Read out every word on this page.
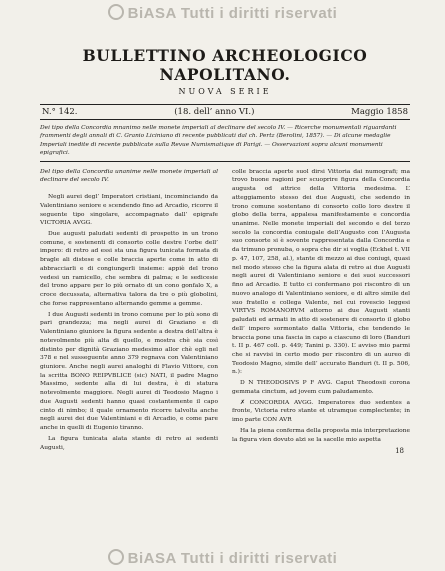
BiASA Tutti i diritti riservati
BULLETTINO ARCHEOLOGICO NAPOLITANO.
NUOVA SERIE
N.° 142.	(18. dell’ anno VI.)	Maggio 1858
Dei tipo della Concordia mnanimo nelle monete imperiali al declinare del secolo IV. — Ricerche monumentali riguardanti frammenti degli annali di C. Granio Liciniano di recente pubblicati dal ch. Pertz (Berolini, 1857). — Di alcune medaglie Imperiali inedite di recente pubblicate sulla Revue Numismatique di Parigi. — Osservazioni sopra alcuni monumenti epigrafici.

Del tipo della Concordia unanime nelle monete imperiali al declinare del secolo IV.

Negli aurei degl’ Imperatori cristiani, incominciando da Valentiniano seniore e scendendo fino ad Arcadio, ricorre il seguente tipo singolare, accompagnato dall’ epigrafe VICTORIA AVGG.

Due augusti paludati sedenti di prospetto in un trono comune, e sostenenti di consorto colle destre l’orbe dell’ impero: di retro ad essi sta una figura tunicata formata di bragle ali distese e colle braccia aperte come in atto di abbracciarli e di congiungerli insieme: appiè del trono vedesi un ramicello, che sembra di palma; e le sedicesie del trono appare per lo più ornato di un cono gonfalo X, a croce decussata, alternativa talora da tre o più globolini, che forse rappresentano alternando gemme a gemme.

I due Augusti sedenti in trono comune per lo più sono di pari grandezza; ma negli aurei di Graziano e di Valentiniano giuniore la figura sedente a destra dell’altra è notevolmente più alta di quello, e mostra chè sia così distinto per dignità Graziano medesimo allor chè egli nel 378 e nel susseguente anno 379 regnava con Valentiniano giuniore. Anche negli aurei analoghi di Flavio Vittore, con la scritta BONO REIPVBLICE (sic) NATI, il padre Magno Massimo, sedente alla di lui destra, è di statura notevolmente maggiore. Negli aurei di Teodosio Magno i due Augusti sedenti hanno quasi costantemente il capo cinto di nimbo; il quale ornamento ricorre talvolta anche negli aurei dei due Valentiniani e di Arcadio, e come pare anche in quelli di Eugenio tiranno.

La figura tunicata alata stante di retro ai sedenti Augusti,

colle braccia aperte suol dirsi Vittoria dai numografi; ma trovo buone ragioni per scuoprire figura della Concordia augusta od attrice della Vittoria medesima. L’ atteggiamento stesso dei due Augusti, che sedendo in trono comune sostentano di consorto collo loro destre il globo della terra, appalesa manifestamente e concordia unanime. Nelle monete imperiali del secondo e del terzo secolo la concordia coniugale dell’Augusto con l’Augusta suo consorte si è sovente rappresentata dalla Concordia e da trimuno pronuba, o sopra che dir si voglia (Eckhel t. VII p. 47, 107, 258, al.), stante di mezzo ai due coniugi, quasi nel modo stesso che la figura alata di retro ai due Augusti negli aurei di Valentiniano seniore e dei suoi successori fino ad Arcadio. E tutto ci confermano poi riscontro di un nuovo analogo di Valentiniano seniore, e di altro simile del suo fratello e collega Valente, nel cui rovescio leggesi VIRTVS ROMANORVM attorno ai due Augusti stanti paludati ed armati in atto di sostenere di consorto il globo dell’ impero sormontato dalla Vittoria, che tendendo le braccia pone una fascia in capo a ciascuno di loro (Banduri t. II p. 467 coll. p. 449; Tanini p. 330). L’ avviso mio parmi che si ravvisi in certo modo per riscontro di un aureo di Teodosio Magno, simile dell’ accurato Banduri (t. II p. 506, n.):

D N THEODOSIVS P F AVG. Caput Theodosii corona gemmata cinctum, ad jovem cum paludamento.

✗ CONCORDIA AVGG. Imperatores duo sedentes a fronte, Victoria retro stante et utramque complectente; in imo parte CON AVR

Ha la piena conferma della proposta mia interpretazione la figura vien dovuto alzi se la sacelle mio aspetta

18
BiASA Tutti i diritti riservati
